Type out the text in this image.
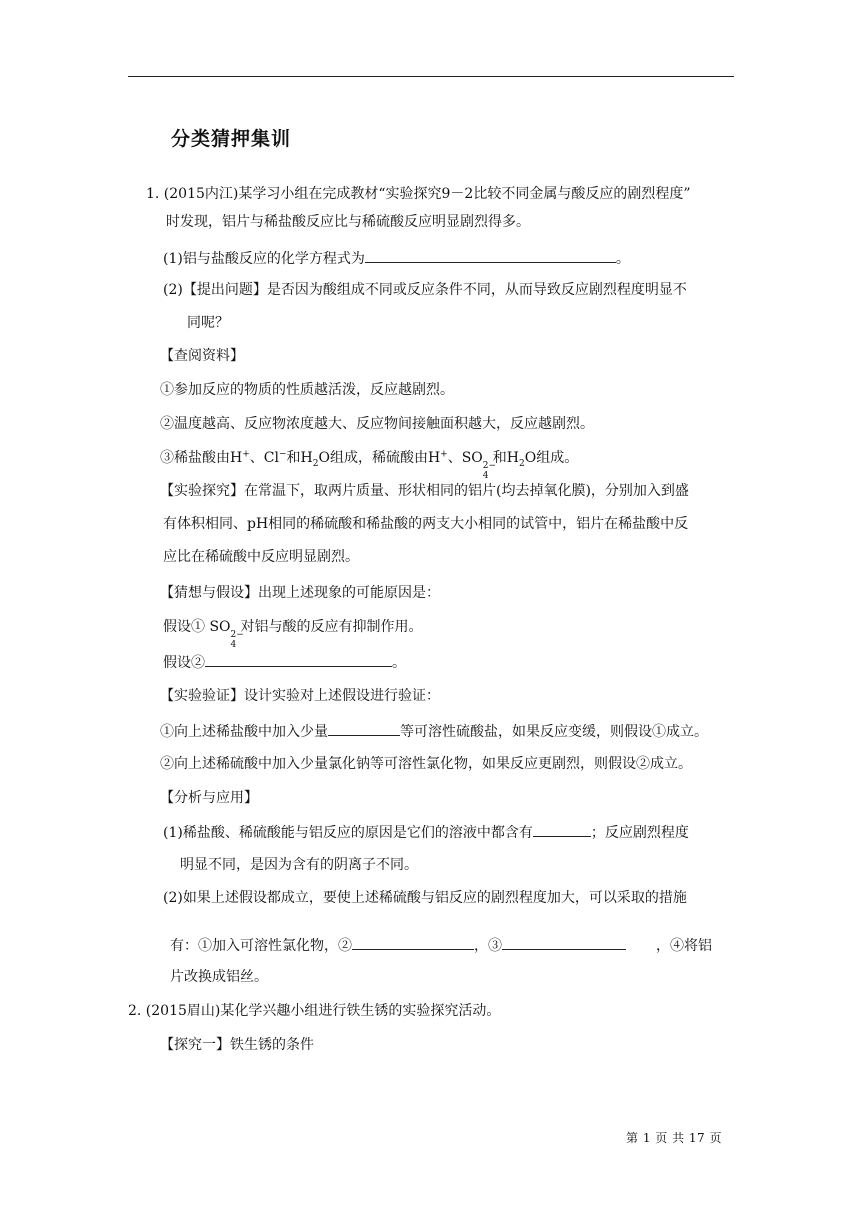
分类猜押集训
1. (2015内江)某学习小组在完成教材“实验探究9－2比较不同金属与酸反应的剧烈程度”
时发现，铝片与稀盐酸反应比与稀硫酸反应明显剧烈得多。
(1)铝与盐酸反应的化学方程式为	。
(2)【提出问题】是否因为酸组成不同或反应条件不同，从而导致反应剧烈程度明显不
同呢？
【查阅资料】
①参加反应的物质的性质越活泼，反应越剧烈。
②温度越高、反应物浓度越大、反应物间接触面积越大，反应越剧烈。
③稀盐酸由H+、Cl−和$H_2O$组成，稀硫酸由H+、SO 2−
4
和$H_2O$组成。
【实验探究】在常温下，取两片质量、形状相同的铝片(均去掉氧化膜)，分别加入到盛
有体积相同、pH相同的稀硫酸和稀盐酸的两支大小相同的试管中，铝片在稀盐酸中反
应比在稀硫酸中反应明显剧烈。
【猜想与假设】出现上述现象的可能原因是：
假设① SO 2−
4
对铝与酸的反应有抑制作用。
假设②	。
【实验验证】设计实验对上述假设进行验证：
①向上述稀盐酸中加入少量	等可溶性硫酸盐，如果反应变缓，则假设①成立。
②向上述稀硫酸中加入少量氯化钠等可溶性氯化物，如果反应更剧烈，则假设②成立。
【分析与应用】
(1)稀盐酸、稀硫酸能与铝反应的原因是它们的溶液中都含有	；反应剧烈程度
明显不同，是因为含有的阴离子不同。
(2)如果上述假设都成立，要使上述稀硫酸与铝反应的剧烈程度加大，可以采取的措施
有：①加入可溶性氯化物，②	，③	，④将铝
片改换成铝丝。
2. (2015眉山)某化学兴趣小组进行铁生锈的实验探究活动。
【探究一】铁生锈的条件
第 1 页 共 17 页
